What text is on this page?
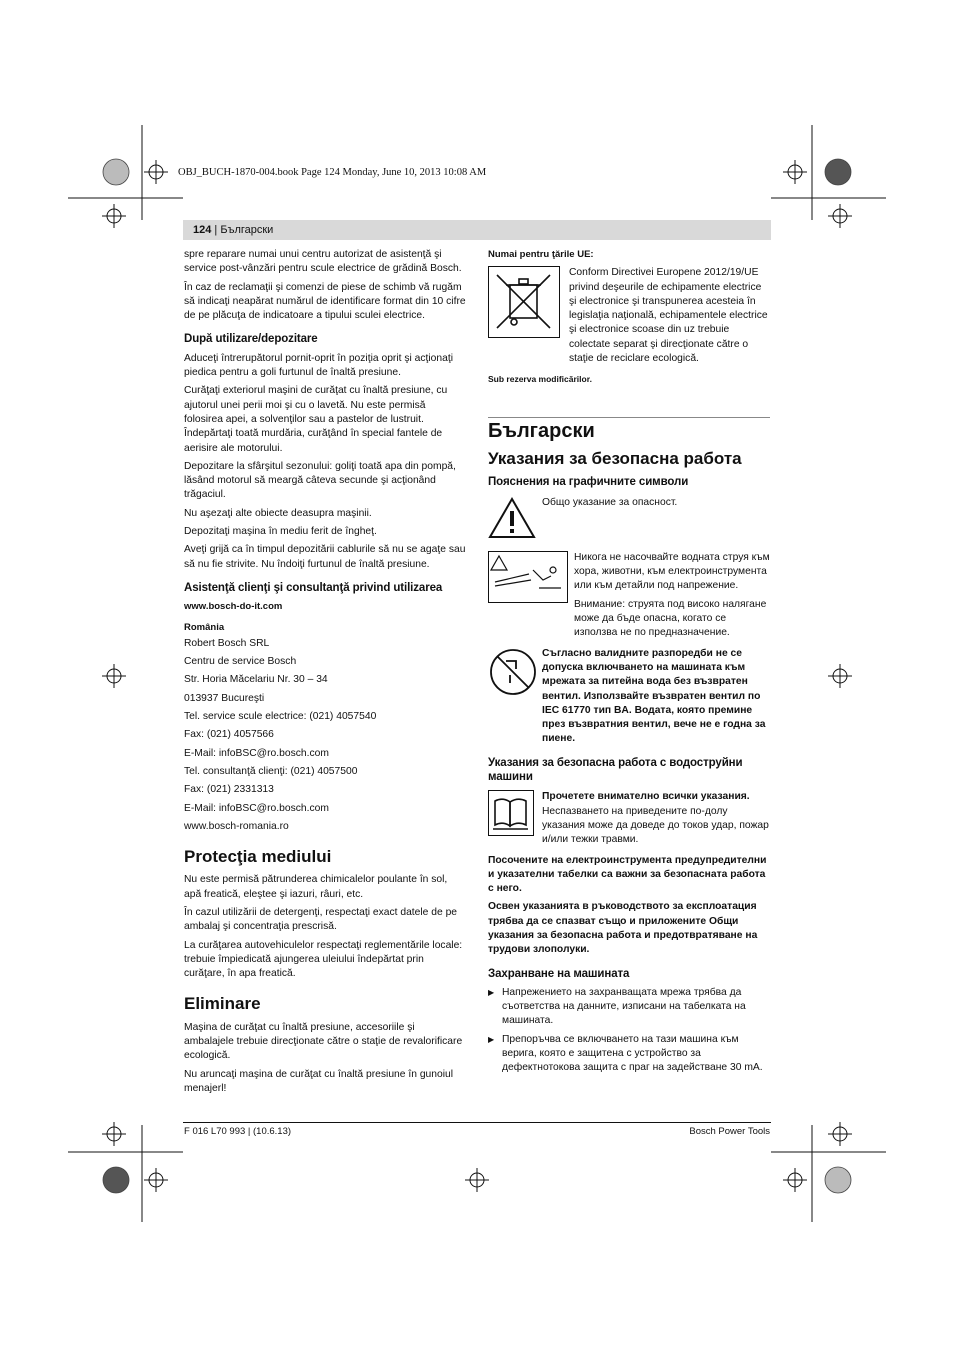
OBJ_BUCH-1870-004.book Page 124 Monday, June 10, 2013 10:08 AM
124 | Български

spre reparare numai unui centru autorizat de asistenţă şi service post-vânzări pentru scule electrice de grădină Bosch.

În caz de reclamaţii şi comenzi de piese de schimb vă rugăm să indicaţi neapărat numărul de identificare format din 10 cifre de pe plăcuţa de indicatoare a tipului sculei electrice.

După utilizare/depozitare

Aduceţi întrerupătorul pornit-oprit în poziţia oprit şi acţionaţi piedica pentru a goli furtunul de înaltă presiune.

Curăţaţi exteriorul maşini de curăţat cu înaltă presiune, cu ajutorul unei perii moi şi cu o lavetă. Nu este permisă folosirea apei, a solvenţilor sau a pastelor de lustruit. Îndepărtaţi toată murdăria, curăţând în special fantele de aerisire ale motorului.

Depozitare la sfârşitul sezonului: goliţi toată apa din pompă, lăsând motorul să meargă câteva secunde şi acţionând trăgaciul.

Nu aşezaţi alte obiecte deasupra maşinii.

Depozitaţi maşina în mediu ferit de îngheţ.

Aveţi grijă ca în timpul depozitării cablurile să nu se agaţe sau să nu fie strivite. Nu îndoiţi furtunul de înaltă presiune.

Asistenţă clienţi şi consultanţă privind utilizarea

www.bosch-do-it.com

România

Robert Bosch SRL

Centru de service Bosch

Str. Horia Măcelariu Nr. 30 – 34

013937 Bucureşti

Tel. service scule electrice: (021) 4057540

Fax: (021) 4057566

E-Mail: infoBSC@ro.bosch.com

Tel. consultanţă clienţi: (021) 4057500

Fax: (021) 2331313

E-Mail: infoBSC@ro.bosch.com

www.bosch-romania.ro

Protecţia mediului

Nu este permisă pătrunderea chimicalelor poulante în sol, apă freatică, eleştee şi iazuri, râuri, etc.

În cazul utilizării de detergenţi, respectaţi exact datele de pe ambalaj şi concentraţia prescrisă.

La curăţarea autovehiculelor respectaţi reglementările locale: trebuie împiedicată ajungerea uleiului îndepărtat prin curăţare, în apa freatică.

Eliminare

Maşina de curăţat cu înaltă presiune, accesoriile şi ambalajele trebuie direcţionate către o staţie de revalorificare ecologică.

Nu aruncaţi maşina de curăţat cu înaltă presiune în gunoiul menajerl!

Numai pentru ţările UE:

Conform Directivei Europene 2012/19/UE privind deşeurile de echipamente electrice şi electronice şi transpunerea acesteia în legislaţia naţională, echipamentele electrice şi electronice scoase din uz trebuie colectate separat şi direcţionate către o staţie de reciclare ecologică.

Sub rezerva modificărilor.

Български
Указания за безопасна работа
Пояснения на графичните символи

Общо указание за опасност.

Никога не насочвайте водната струя към хора, животни, към електроинструмента или към детайли под напрежение.

Внимание: струята под високо налягане може да бъде опасна, когато се използва не по предназначение.

Съгласно валидните разпоредби не се допуска включването на машината към мрежата за питейна вода без възвратен вентил. Използвайте възвратен вентил по IEC 61770 тип BA. Водата, която премине през възвратния вентил, вече не е годна за пиене.

Указания за безопасна работа с водоструйни машини

Прочетете внимателно всички указания.

Неспазването на приведените по-долу указания може да доведе до токов удар, пожар и/или тежки травми.

Посочените на електроинструмента предупредителни и указателни табелки са важни за безопасната работа с него.

Освен указанията в ръководството за експлоатация трябва да се спазват също и приложените Общи указания за безопасна работа и предотвратяване на трудови злополуки.

Захранване на машината
▶ Напрежението на захранващата мрежа трябва да съответства на данните, изписани на табелката на машината.
▶ Препоръчва се включването на тази машина към верига, която е защитена с устройство за дефектнотокова защита с праг на задействане 30 mA.
F 016 L70 993 | (10.6.13)	Bosch Power Tools
